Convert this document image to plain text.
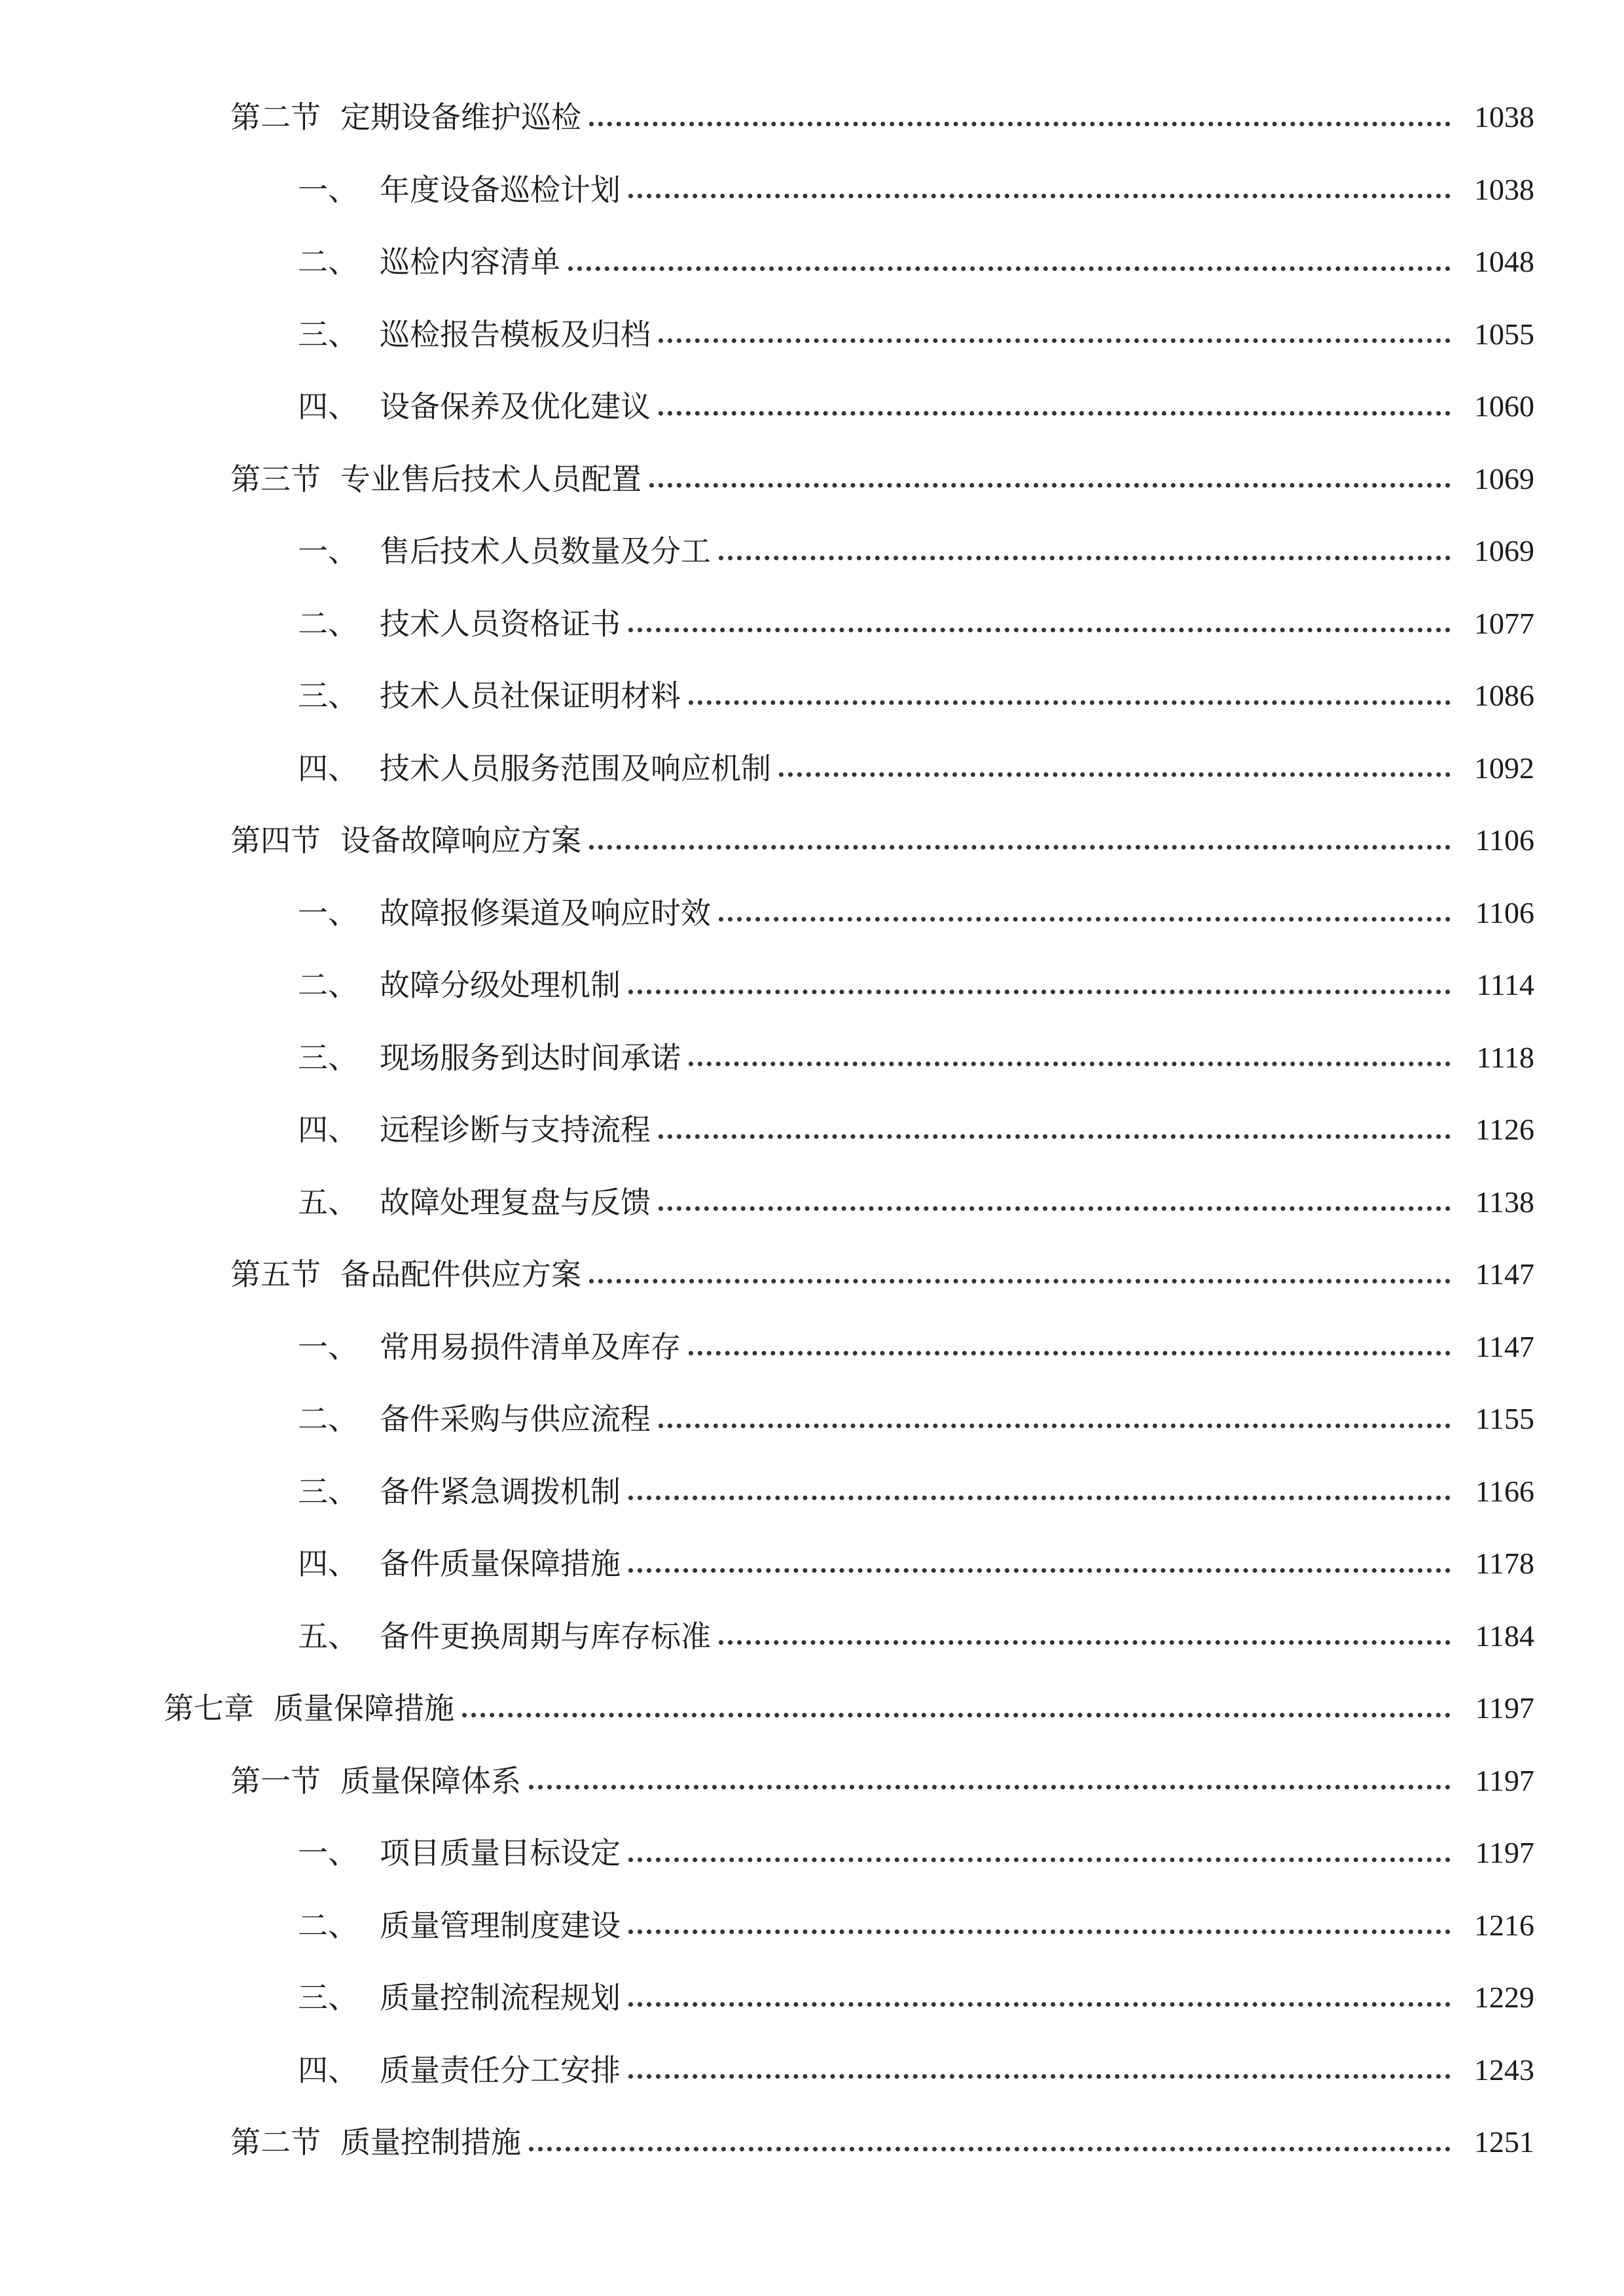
第二节 定期设备维护巡检	1038
一、 年度设备巡检计划	1038
二、 巡检内容清单	1048
三、 巡检报告模板及归档	1055
四、 设备保养及优化建议	1060
第三节 专业售后技术人员配置	1069
一、 售后技术人员数量及分工	1069
二、 技术人员资格证书	1077
三、 技术人员社保证明材料	1086
四、 技术人员服务范围及响应机制	1092
第四节 设备故障响应方案	1106
一、 故障报修渠道及响应时效	1106
二、 故障分级处理机制	1114
三、 现场服务到达时间承诺	1118
四、 远程诊断与支持流程	1126
五、 故障处理复盘与反馈	1138
第五节 备品配件供应方案	1147
一、 常用易损件清单及库存	1147
二、 备件采购与供应流程	1155
三、 备件紧急调拨机制	1166
四、 备件质量保障措施	1178
五、 备件更换周期与库存标准	1184
第七章 质量保障措施	1197
第一节 质量保障体系	1197
一、 项目质量目标设定	1197
二、 质量管理制度建设	1216
三、 质量控制流程规划	1229
四、 质量责任分工安排	1243
第二节 质量控制措施	1251
